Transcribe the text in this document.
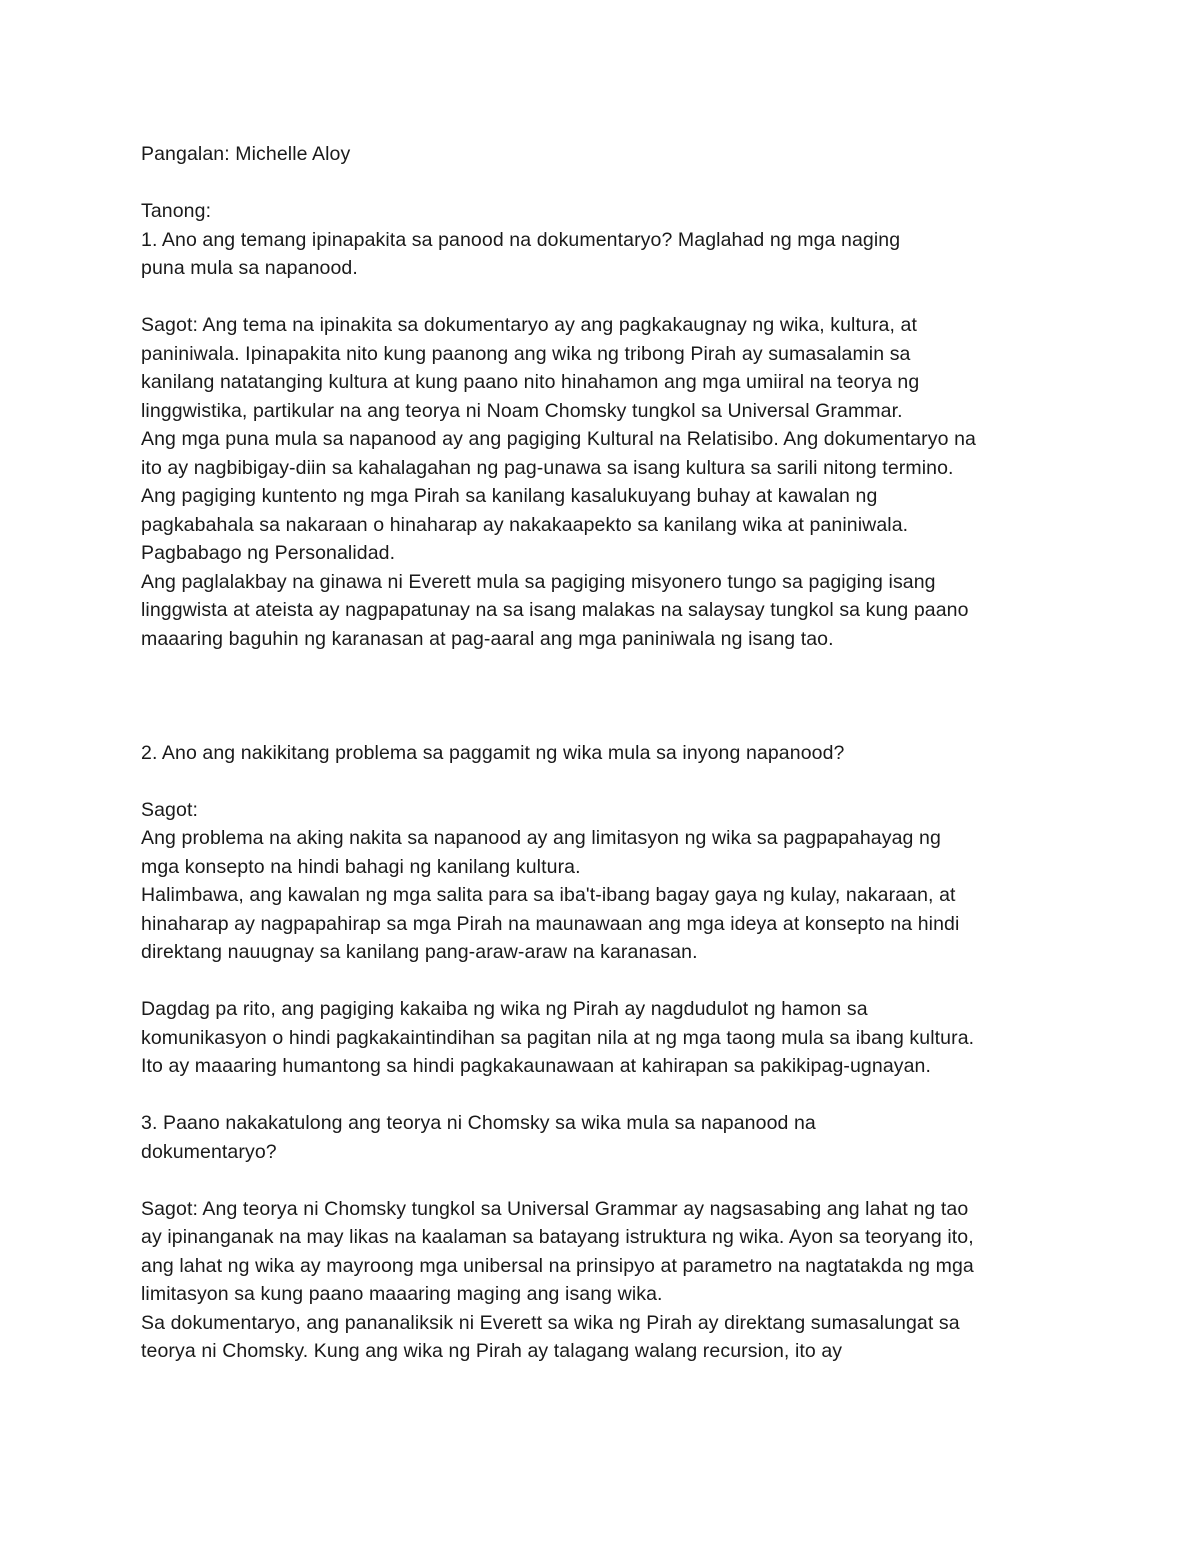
Pangalan: Michelle Aloy
Tanong:
1. Ano ang temang ipinapakita sa panood na dokumentaryo? Maglahad ng mga naging
puna mula sa napanood.
Sagot: Ang tema na ipinakita sa dokumentaryo ay ang pagkakaugnay ng wika, kultura, at
paniniwala. Ipinapakita nito kung paanong ang wika ng tribong Pirah ay sumasalamin sa
kanilang natatanging kultura at kung paano nito hinahamon ang mga umiiral na teorya ng
linggwistika, partikular na ang teorya ni Noam Chomsky tungkol sa Universal Grammar.
Ang mga puna mula sa napanood ay ang pagiging Kultural na Relatisibo. Ang dokumentaryo na
ito ay nagbibigay-diin sa kahalagahan ng pag-unawa sa isang kultura sa sarili nitong termino.
Ang pagiging kuntento ng mga Pirah sa kanilang kasalukuyang buhay at kawalan ng
pagkabahala sa nakaraan o hinaharap ay nakakaapekto sa kanilang wika at paniniwala.
Pagbabago ng Personalidad.
Ang paglalakbay na ginawa ni Everett mula sa pagiging misyonero tungo sa pagiging isang
linggwista at ateista ay nagpapatunay na sa isang malakas na salaysay tungkol sa kung paano
maaaring baguhin ng karanasan at pag-aaral ang mga paniniwala ng isang tao.
2. Ano ang nakikitang problema sa paggamit ng wika mula sa inyong napanood?
Sagot:
Ang problema na aking nakita sa napanood ay ang limitasyon ng wika sa pagpapahayag ng
mga konsepto na hindi bahagi ng kanilang kultura.
Halimbawa, ang kawalan ng mga salita para sa iba't-ibang bagay gaya ng kulay, nakaraan, at
hinaharap ay nagpapahirap sa mga Pirah na maunawaan ang mga ideya at konsepto na hindi
direktang nauugnay sa kanilang pang-araw-araw na karanasan.
Dagdag pa rito, ang pagiging kakaiba ng wika ng Pirah ay nagdudulot ng hamon sa
komunikasyon o hindi pagkakaintindihan sa pagitan nila at ng mga taong mula sa ibang kultura.
Ito ay maaaring humantong sa hindi pagkakaunawaan at kahirapan sa pakikipag-ugnayan.
3. Paano nakakatulong ang teorya ni Chomsky sa wika mula sa napanood na
dokumentaryo?
Sagot: Ang teorya ni Chomsky tungkol sa Universal Grammar ay nagsasabing ang lahat ng tao
ay ipinanganak na may likas na kaalaman sa batayang istruktura ng wika. Ayon sa teoryang ito,
ang lahat ng wika ay mayroong mga unibersal na prinsipyo at parametro na nagtatakda ng mga
limitasyon sa kung paano maaaring maging ang isang wika.
Sa dokumentaryo, ang pananaliksik ni Everett sa wika ng Pirah ay direktang sumasalungat sa
teorya ni Chomsky. Kung ang wika ng Pirah ay talagang walang recursion, ito ay
